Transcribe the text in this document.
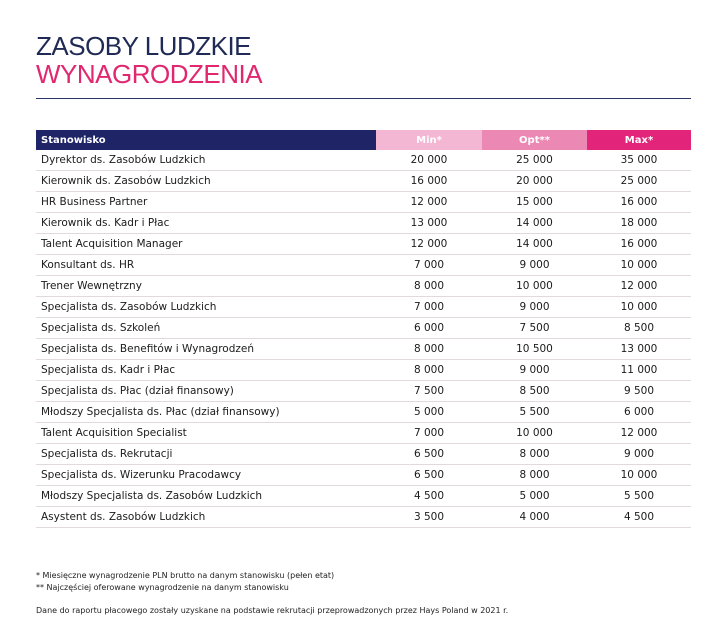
ZASOBY LUDZKIE
WYNAGRODZENIA
Stanowisko	Min*	Opt**	Max*
Dyrektor ds. Zasobów Ludzkich	20 000	25 000	35 000
Kierownik ds. Zasobów Ludzkich	16 000	20 000	25 000
HR Business Partner	12 000	15 000	16 000
Kierownik ds. Kadr i Płac	13 000	14 000	18 000
Talent Acquisition Manager	12 000	14 000	16 000
Konsultant ds. HR	7 000	9 000	10 000
Trener Wewnętrzny	8 000	10 000	12 000
Specjalista ds. Zasobów Ludzkich	7 000	9 000	10 000
Specjalista ds. Szkoleń	6 000	7 500	8 500
Specjalista ds. Benefitów i Wynagrodzeń	8 000	10 500	13 000
Specjalista ds. Kadr i Płac	8 000	9 000	11 000
Specjalista ds. Płac (dział finansowy)	7 500	8 500	9 500
Młodszy Specjalista ds. Płac (dział finansowy)	5 000	5 500	6 000
Talent Acquisition Specialist	7 000	10 000	12 000
Specjalista ds. Rekrutacji	6 500	8 000	9 000
Specjalista ds. Wizerunku Pracodawcy	6 500	8 000	10 000
Młodszy Specjalista ds. Zasobów Ludzkich	4 500	5 000	5 500
Asystent ds. Zasobów Ludzkich	3 500	4 000	4 500
* Miesięczne wynagrodzenie PLN brutto na danym stanowisku (pełen etat)
** Najczęściej oferowane wynagrodzenie na danym stanowisku
Dane do raportu płacowego zostały uzyskane na podstawie rekrutacji przeprowadzonych przez Hays Poland w 2021 r.
